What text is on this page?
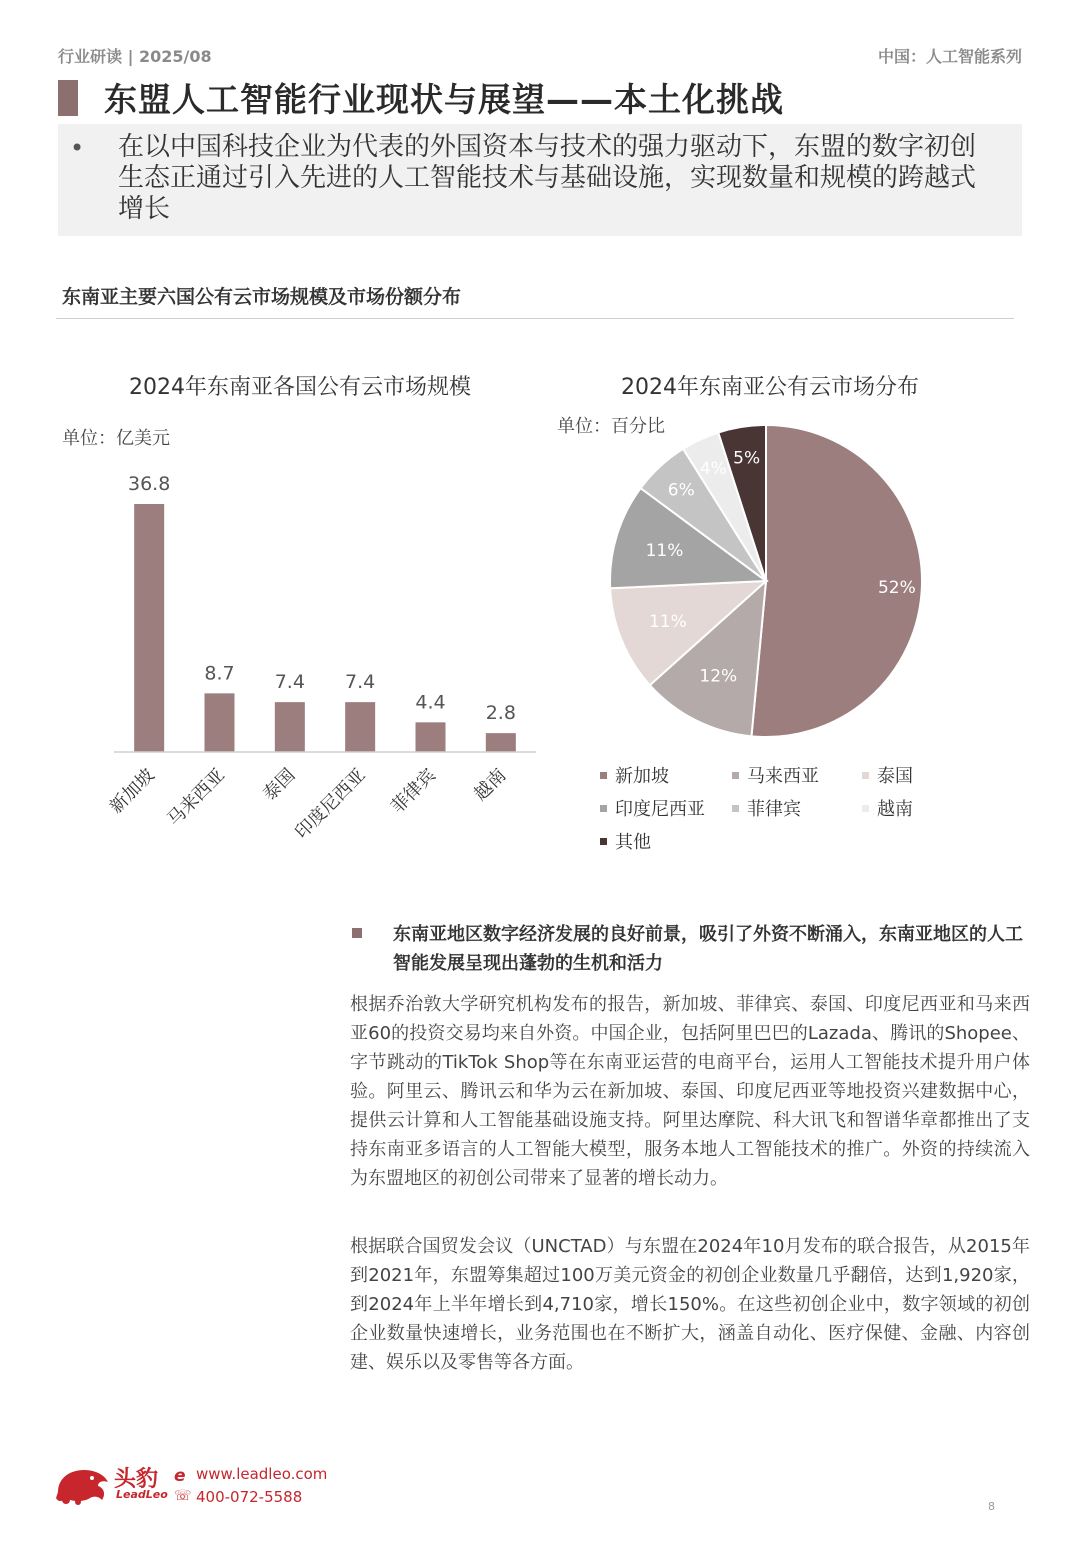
行业研读 | 2025/08	中国：人工智能系列
东盟人工智能行业现状与展望——本土化挑战
• 在以中国科技企业为代表的外国资本与技术的强力驱动下，东盟的数字初创生态正通过引入先进的人工智能技术与基础设施，实现数量和规模的跨越式增长
东南亚主要六国公有云市场规模及市场份额分布
2024年东南亚各国公有云市场规模
单位：亿美元
2024年东南亚公有云市场分布
单位：百分比
36.8
新加坡
8.7
马来西亚
7.4
泰国
7.4
印度尼西亚
4.4
菲律宾
2.8
越南
52%
12%
11%
11%
6%
4%
5%
新加坡	马来西亚	泰国
印度尼西亚	菲律宾	越南
其他
东南亚地区数字经济发展的良好前景，吸引了外资不断涌入，东南亚地区的人工智能发展呈现出蓬勃的生机和活力
根据乔治敦大学研究机构发布的报告，新加坡、菲律宾、泰国、印度尼西亚和马来西亚60的投资交易均来自外资。中国企业，包括阿里巴巴的Lazada、腾讯的Shopee、字节跳动的TikTok Shop等在东南亚运营的电商平台，运用人工智能技术提升用户体验。阿里云、腾讯云和华为云在新加坡、泰国、印度尼西亚等地投资兴建数据中心，提供云计算和人工智能基础设施支持。阿里达摩院、科大讯飞和智谱华章都推出了支持东南亚多语言的人工智能大模型，服务本地人工智能技术的推广。外资的持续流入为东盟地区的初创公司带来了显著的增长动力。
根据联合国贸发会议（UNCTAD）与东盟在2024年10月发布的联合报告，从2015年到2021年，东盟筹集超过100万美元资金的初创企业数量几乎翻倍，达到1,920家，到2024年上半年增长到4,710家，增长150%。在这些初创企业中，数字领域的初创企业数量快速增长，业务范围也在不断扩大，涵盖自动化、医疗保健、金融、内容创建、娱乐以及零售等各方面。
头豹
LeadLeo
e
☏
www.leadleo.com
400-072-5588
8
